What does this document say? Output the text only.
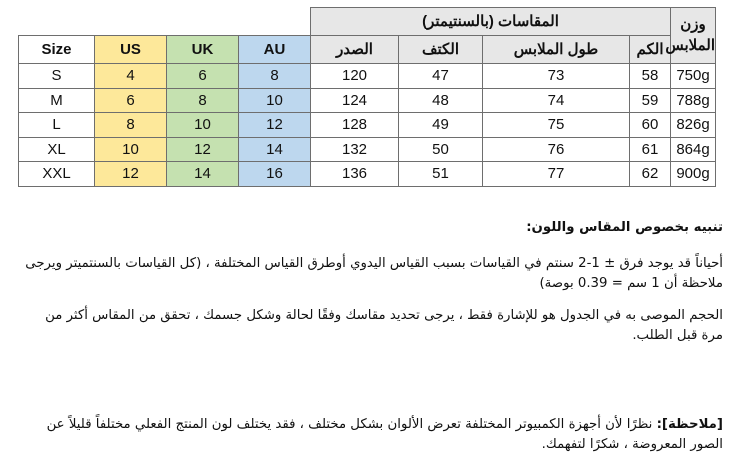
				المقاسات (بالسنتيمتر)				وزن
الملابس
Size	US	UK	AU	الصدر	الكتف	طول الملابس	الكم	
S	4	6	8	120	47	73	58	750g
M	6	8	10	124	48	74	59	788g
L	8	10	12	128	49	75	60	826g
XL	10	12	14	132	50	76	61	864g
XXL	12	14	16	136	51	77	62	900g

تنبيه بخصوص المقاس واللون:

أحياناً قد يوجد فرق ± 1-2 سنتم في القياسات بسبب القياس اليدوي أوطرق القياس المختلفة ، (كل القياسات بالسنتميتر ويرجى ملاحظة أن 1 سم = 0.39 بوصة)

الحجم الموصى به في الجدول هو للإشارة فقط ، يرجى تحديد مقاسك وفقًا لحالة وشكل جسمك ، تحقق من المقاس أكثر من مرة قبل الطلب.

[ملاحظة]: نظرًا لأن أجهزة الكمبيوتر المختلفة تعرض الألوان بشكل مختلف ، فقد يختلف لون المنتج الفعلي مختلفاً قليلاً عن الصور المعروضة ، شكرًا لتفهمك.
